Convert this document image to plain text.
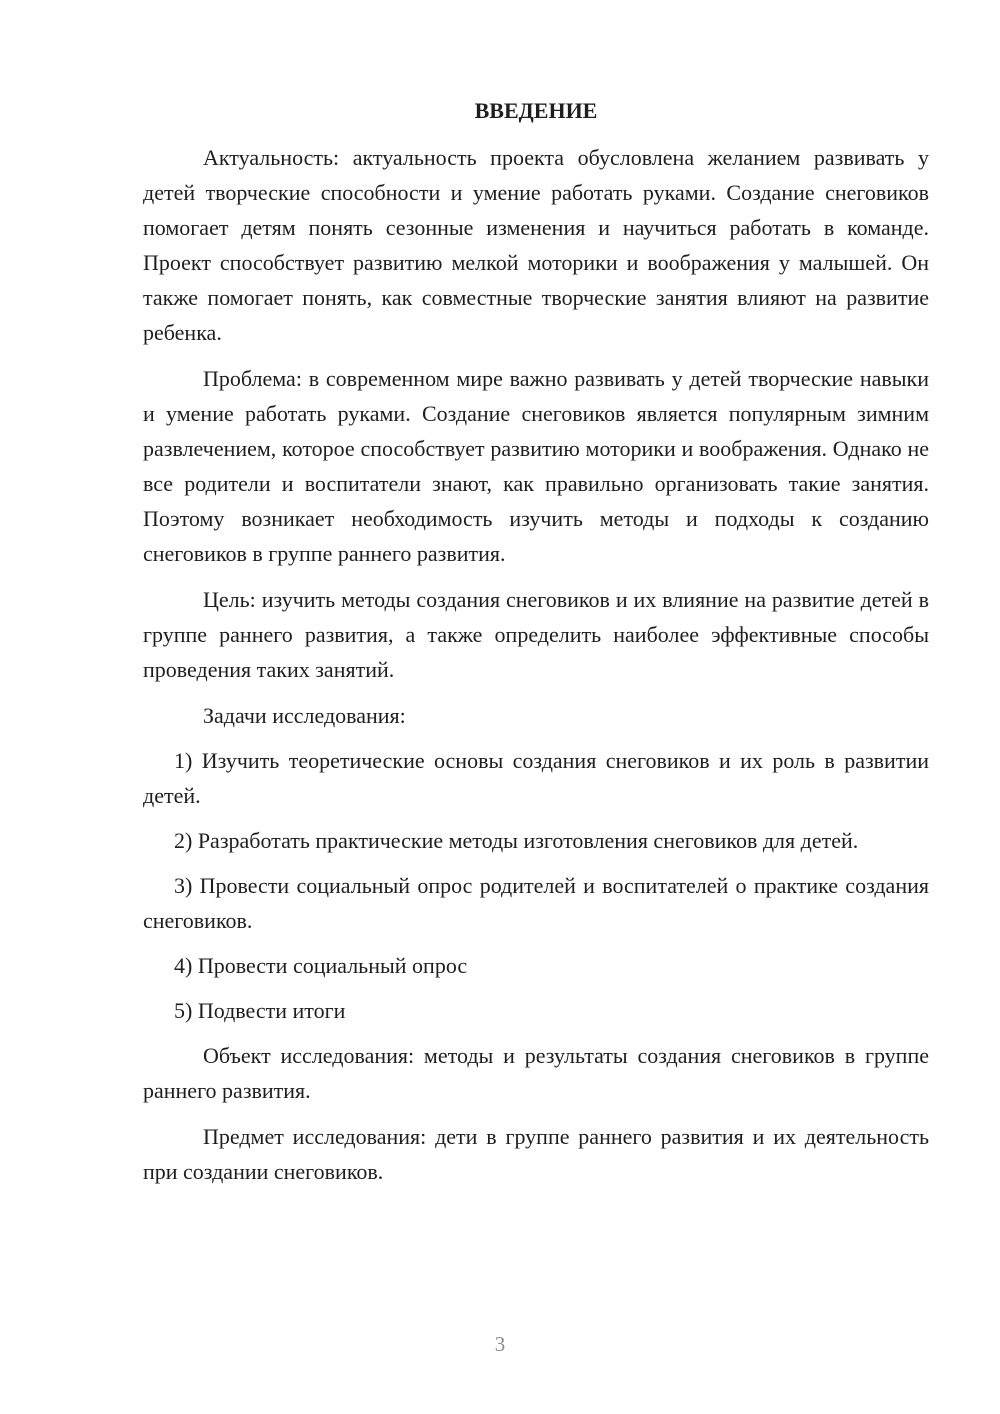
ВВЕДЕНИЕ

Актуальность: актуальность проекта обусловлена желанием развивать у детей творческие способности и умение работать руками. Создание снеговиков помогает детям понять сезонные изменения и научиться работать в команде. Проект способствует развитию мелкой моторики и воображения у малышей. Он также помогает понять, как совместные творческие занятия влияют на развитие ребенка.

Проблема: в современном мире важно развивать у детей творческие навыки и умение работать руками. Создание снеговиков является популярным зимним развлечением, которое способствует развитию моторики и воображения. Однако не все родители и воспитатели знают, как правильно организовать такие занятия. Поэтому возникает необходимость изучить методы и подходы к созданию снеговиков в группе раннего развития.

Цель: изучить методы создания снеговиков и их влияние на развитие детей в группе раннего развития, а также определить наиболее эффективные способы проведения таких занятий.

Задачи исследования:

1) Изучить теоретические основы создания снеговиков и их роль в развитии детей.

2) Разработать практические методы изготовления снеговиков для детей.

3) Провести социальный опрос родителей и воспитателей о практике создания снеговиков.

4) Провести социальный опрос

5) Подвести итоги

Объект исследования: методы и результаты создания снеговиков в группе раннего развития.

Предмет исследования: дети в группе раннего развития и их деятельность при создании снеговиков.

3
